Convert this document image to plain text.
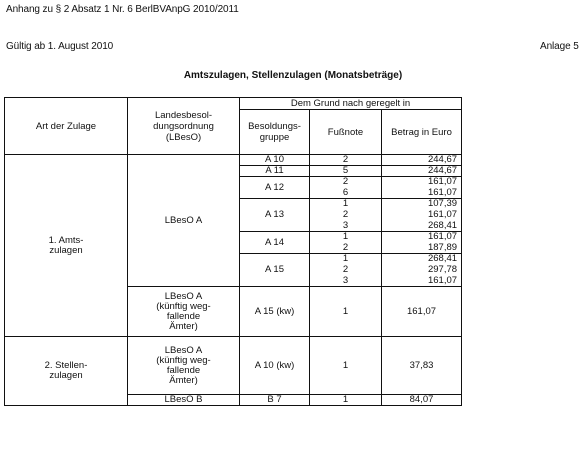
Anhang zu § 2 Absatz 1 Nr. 6 BerlBVAnpG 2010/2011
Gültig ab 1. August 2010	Anlage 5
Amtszulagen, Stellenzulagen (Monatsbeträge)
Art der Zulage	Landesbesol-
dungsordnung
(LBesO)	Dem Grund nach geregelt in		
		Besoldungs-
gruppe	Fußnote	Betrag in Euro
1. Amts-
zulagen	LBesO A	A 10	2	244,67
		A 11	5	244,67
		A 12	2	161,07
			6	161,07
		A 13	1	107,39
			2	161,07
			3	268,41
		A 14	1	161,07
			2	187,89
		A 15	1	268,41
			2	297,78
			3	161,07
	LBesO A
(künftig weg-
fallende
Ämter)	A 15 (kw)	1	161,07
2. Stellen-
zulagen	LBesO A
(künftig weg-
fallende
Ämter)	A 10 (kw)	1	37,83
	LBesO B	B 7	1	84,07
